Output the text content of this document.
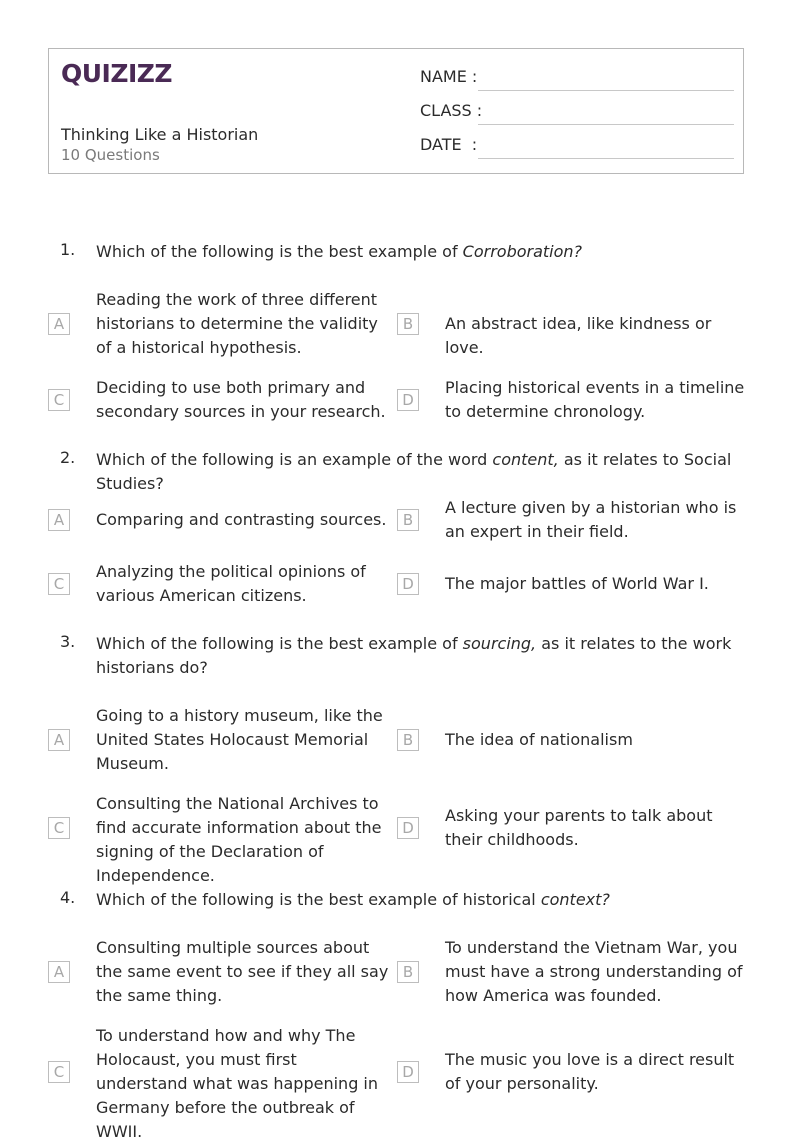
QUIZIZZ
Thinking Like a Historian
10 Questions
NAME :
CLASS :
DATE  :
1. Which of the following is the best example of Corroboration?
A
Reading the work of three different historians to determine the validity of a historical hypothesis.
B	An abstract idea, like kindness or love.
C
Deciding to use both primary and secondary sources in your research.
D
Placing historical events in a timeline to determine chronology.
2. Which of the following is an example of the word content, as it relates to Social Studies?
A	Comparing and contrasting sources.	B
A lecture given by a historian who is an expert in their field.
C
Analyzing the political opinions of various American citizens.
D	The major battles of World War I.
3. Which of the following is the best example of sourcing, as it relates to the work historians do?
A
Going to a history museum, like the United States Holocaust Memorial Museum.
B	The idea of nationalism
C
Consulting the National Archives to find accurate information about the signing of the Declaration of Independence.
D
Asking your parents to talk about their childhoods.
4. Which of the following is the best example of historical context?
A
Consulting multiple sources about the same event to see if they all say the same thing.
B
To understand the Vietnam War, you must have a strong understanding of how America was founded.
C
To understand how and why The Holocaust, you must first understand what was happening in Germany before the outbreak of WWII.
D
The music you love is a direct result of your personality.
